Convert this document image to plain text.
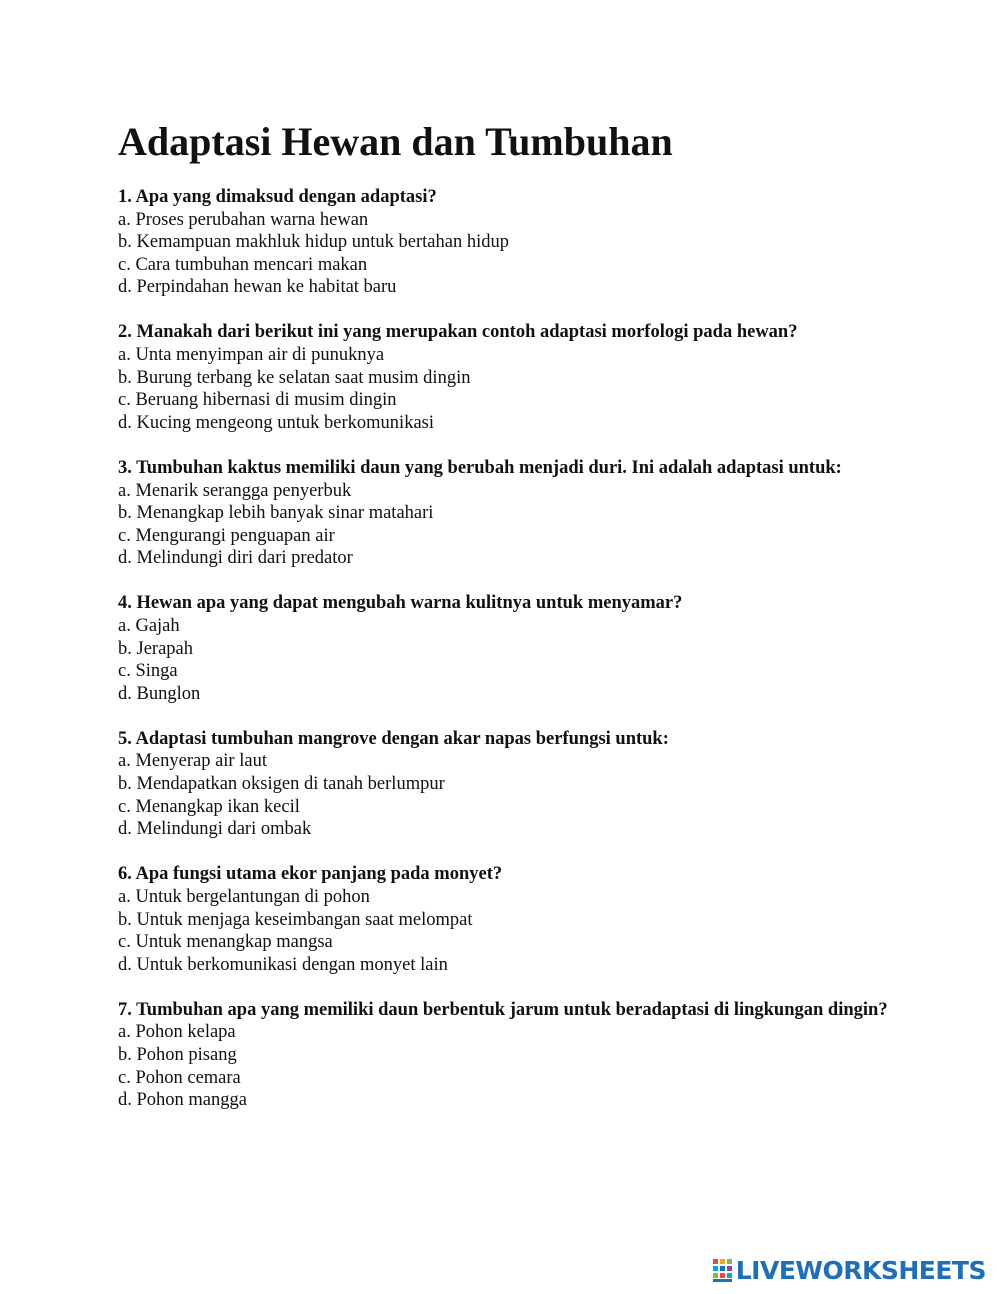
Adaptasi Hewan dan Tumbuhan

1. Apa yang dimaksud dengan adaptasi?

a. Proses perubahan warna hewan
b. Kemampuan makhluk hidup untuk bertahan hidup
c. Cara tumbuhan mencari makan
d. Perpindahan hewan ke habitat baru

2. Manakah dari berikut ini yang merupakan contoh adaptasi morfologi pada hewan?

a. Unta menyimpan air di punuknya
b. Burung terbang ke selatan saat musim dingin
c. Beruang hibernasi di musim dingin
d. Kucing mengeong untuk berkomunikasi

3. Tumbuhan kaktus memiliki daun yang berubah menjadi duri. Ini adalah adaptasi untuk:

a. Menarik serangga penyerbuk
b. Menangkap lebih banyak sinar matahari
c. Mengurangi penguapan air
d. Melindungi diri dari predator

4. Hewan apa yang dapat mengubah warna kulitnya untuk menyamar?

a. Gajah
b. Jerapah
c. Singa
d. Bunglon

5. Adaptasi tumbuhan mangrove dengan akar napas berfungsi untuk:

a. Menyerap air laut
b. Mendapatkan oksigen di tanah berlumpur
c. Menangkap ikan kecil
d. Melindungi dari ombak

6. Apa fungsi utama ekor panjang pada monyet?

a. Untuk bergelantungan di pohon
b. Untuk menjaga keseimbangan saat melompat
c. Untuk menangkap mangsa
d. Untuk berkomunikasi dengan monyet lain

7. Tumbuhan apa yang memiliki daun berbentuk jarum untuk beradaptasi di lingkungan dingin?

a. Pohon kelapa
b. Pohon pisang
c. Pohon cemara
d. Pohon mangga
LIVEWORKSHEETS
